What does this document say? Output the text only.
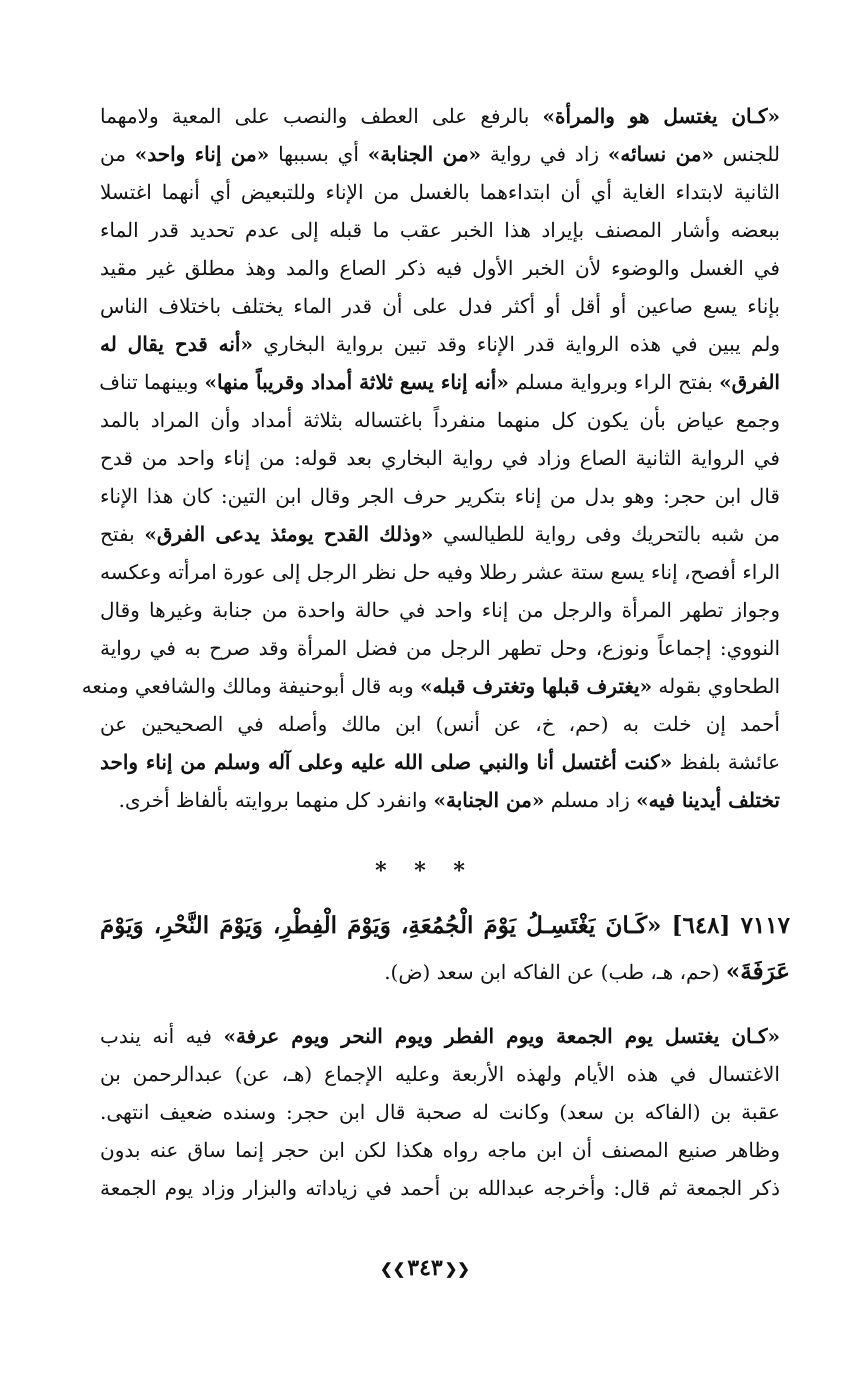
«كـان يغتسل هو والمرأة» بالرفع على العطف والنصب على المعية ولامهما
للجنس «من نسائه» زاد في رواية «من الجنابة» أي بسببها «من إناء واحد» من
الثانية لابتداء الغاية أي أن ابتداءهما بالغسل من الإناء وللتبعيض أي أنهما اغتسلا
ببعضه وأشار المصنف بإيراد هذا الخبر عقب ما قبله إلى عدم تحديد قدر الماء
في الغسل والوضوء لأن الخبر الأول فيه ذكر الصاع والمد وهذ مطلق غير مقيد
بإناء يسع صاعين أو أقل أو أكثر فدل على أن قدر الماء يختلف باختلاف الناس
ولم يبين في هذه الرواية قدر الإناء وقد تبين برواية البخاري «أنه قدح يقال له
الفرق» بفتح الراء وبرواية مسلم «أنه إناء يسع ثلاثة أمداد وقريباً منها» وبينهما تناف
وجمع عياض بأن يكون كل منهما منفرداً باغتساله بثلاثة أمداد وأن المراد بالمد
في الرواية الثانية الصاع وزاد في رواية البخاري بعد قوله: من إناء واحد من قدح
قال ابن حجر: وهو بدل من إناء بتكرير حرف الجر وقال ابن التين: كان هذا الإناء
من شبه بالتحريك وفى رواية للطيالسي «وذلك القدح يومئذ يدعى الفرق» بفتح
الراء أفصح، إناء يسع ستة عشر رطلا وفيه حل نظر الرجل إلى عورة امرأته وعكسه
وجواز تطهر المرأة والرجل من إناء واحد في حالة واحدة من جنابة وغيرها وقال
النووي: إجماعاً ونوزع، وحل تطهر الرجل من فضل المرأة وقد صرح به في رواية
الطحاوي بقوله «يغترف قبلها وتغترف قبله» وبه قال أبوحنيفة ومالك والشافعي ومنعه
أحمد إن خلت به (حم، خ، عن أنس) ابن مالك وأصله في الصحيحين عن
عائشة بلفظ «كنت أغتسل أنا والنبي صلى الله عليه وعلى آله وسلم من إناء واحد
تختلف أيدينا فيه» زاد مسلم «من الجنابة» وانفرد كل منهما بروايته بألفاظ أخرى.
* * *
٧١١٧ [٦٤٨] «كَـانَ يَغْتَسِـلُ يَوْمَ الْجُمُعَةِ، وَيَوْمَ الْفِطْرِ، وَيَوْمَ النَّحْرِ، وَيَوْمَ
عَرَفَةَ» (حم، هـ، طب) عن الفاكه ابن سعد (ض).
«كـان يغتسل يوم الجمعة ويوم الفطر ويوم النحر ويوم عرفة» فيه أنه يندب
الاغتسال في هذه الأيام ولهذه الأربعة وعليه الإجماع (هـ، عن) عبدالرحمن بن
عقبة بن (الفاكه بن سعد) وكانت له صحبة قال ابن حجر: وسنده ضعيف انتهى.
وظاهر صنيع المصنف أن ابن ماجه رواه هكذا لكن ابن حجر إنما ساق عنه بدون
ذكر الجمعة ثم قال: وأخرجه عبدالله بن أحمد في زياداته والبزار وزاد يوم الجمعة
❮❮٣٤٣❯❯
